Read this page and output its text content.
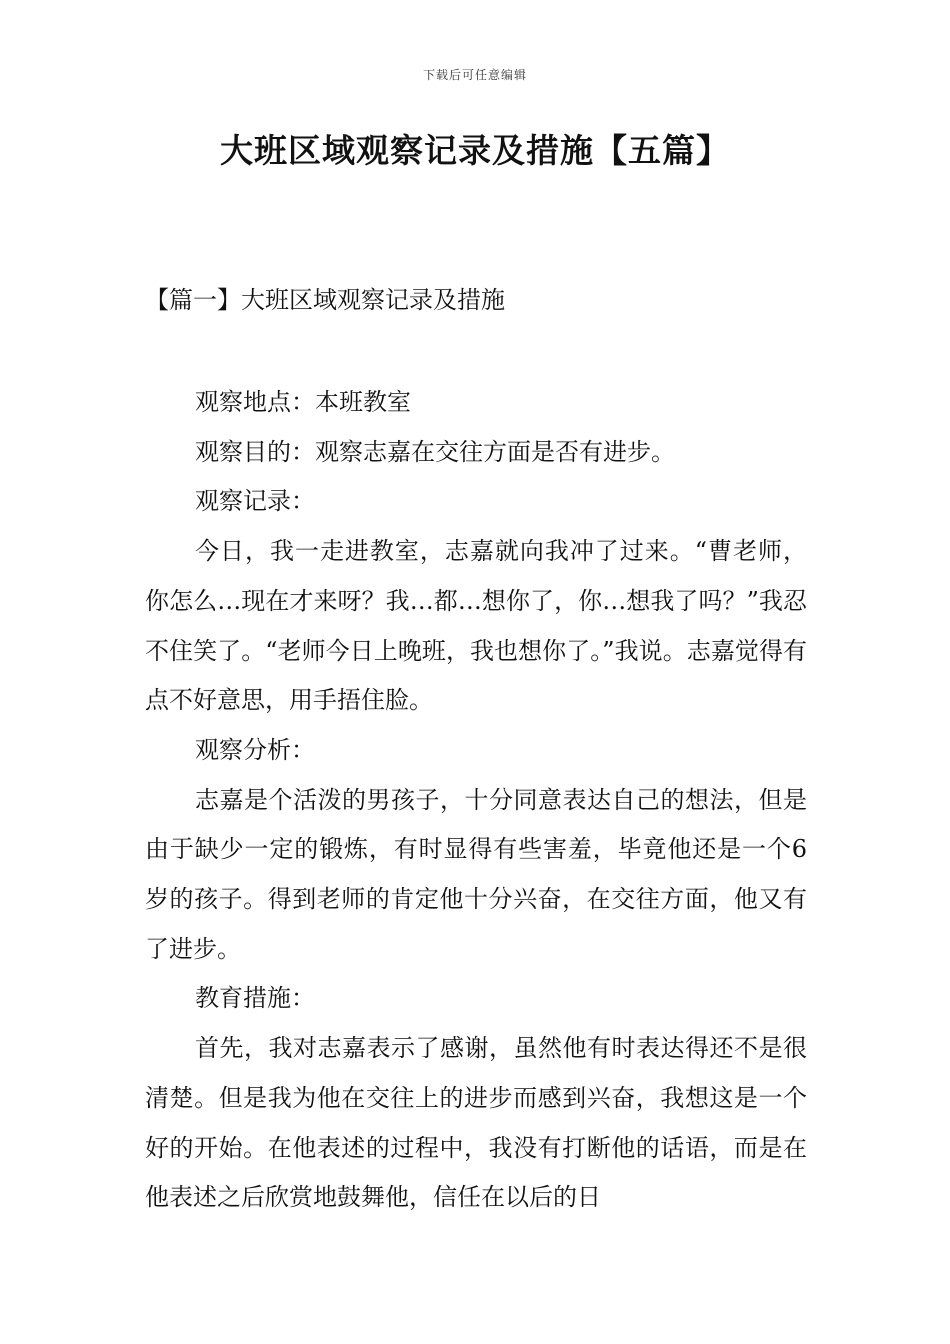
下载后可任意编辑
大班区域观察记录及措施【五篇】
【篇一】大班区域观察记录及措施

观察地点：本班教室

观察目的：观察志嘉在交往方面是否有进步。

观察记录：

今日，我一走进教室，志嘉就向我冲了过来。“曹老师，你怎么…现在才来呀？我…都…想你了，你…想我了吗？”我忍不住笑了。“老师今日上晚班，我也想你了。”我说。志嘉觉得有点不好意思，用手捂住脸。

观察分析：

志嘉是个活泼的男孩子，十分同意表达自己的想法，但是由于缺少一定的锻炼，有时显得有些害羞，毕竟他还是一个6岁的孩子。得到老师的肯定他十分兴奋，在交往方面，他又有了进步。

教育措施：

首先，我对志嘉表示了感谢，虽然他有时表达得还不是很清楚。但是我为他在交往上的进步而感到兴奋，我想这是一个好的开始。在他表述的过程中，我没有打断他的话语，而是在他表述之后欣赏地鼓舞他，信任在以后的日
